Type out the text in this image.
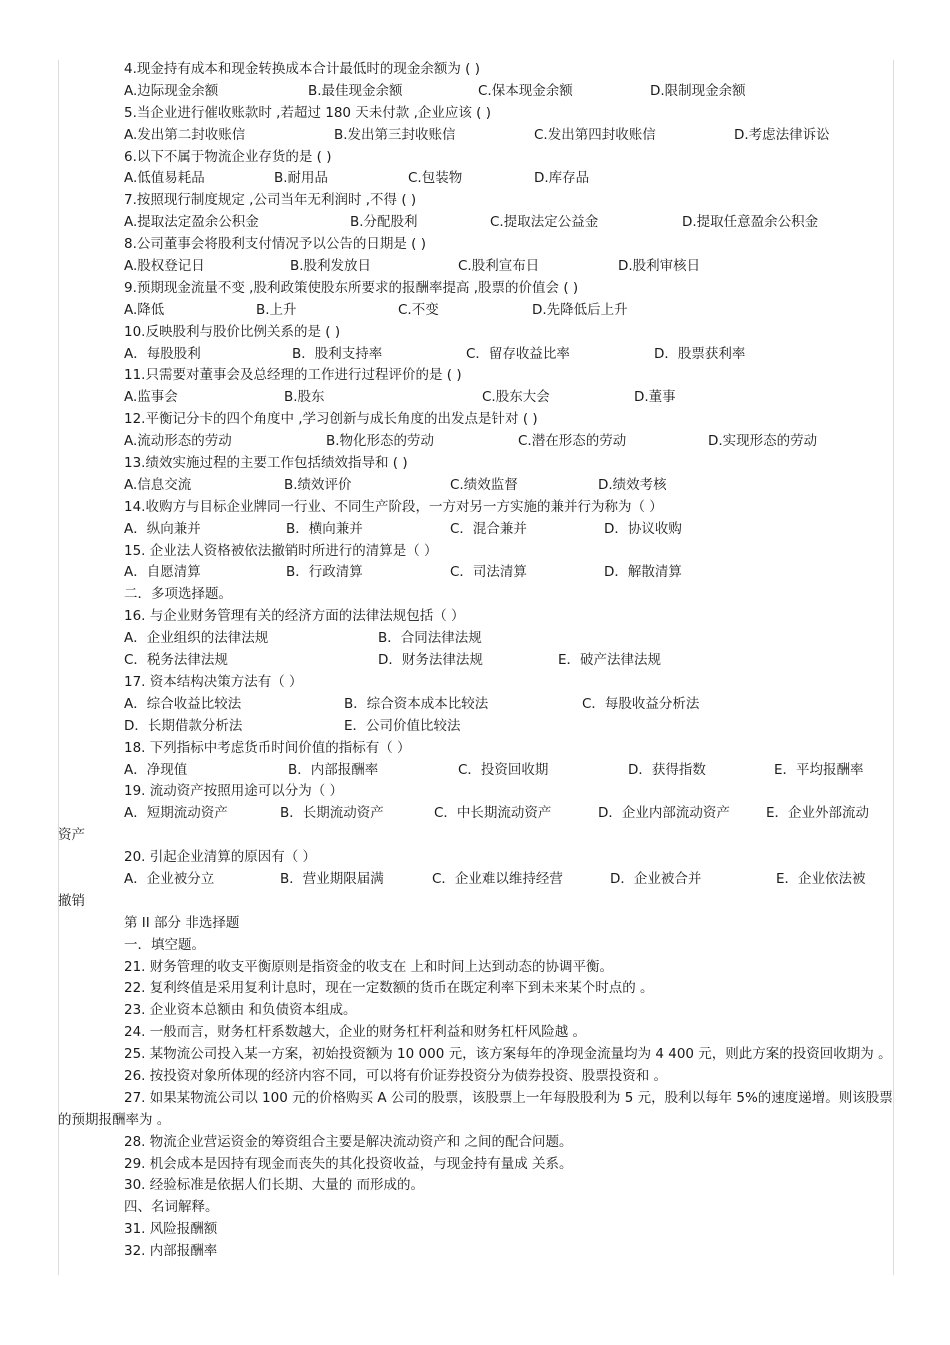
4.现金持有成本和现金转换成本合计最低时的现金余额为 ( )
A.边际现金余额	B.最佳现金余额	C.保本现金余额	D.限制现金余额
5.当企业进行催收账款时 ,若超过 180 天未付款 ,企业应该 ( )
A.发出第二封收账信	B.发出第三封收账信	C.发出第四封收账信	D.考虑法律诉讼
6.以下不属于物流企业存货的是 ( )
A.低值易耗品	B.耐用品	C.包装物	D.库存品
7.按照现行制度规定 ,公司当年无利润时 ,不得 ( )
A.提取法定盈余公积金	B.分配股利	C.提取法定公益金	D.提取任意盈余公积金
8.公司董事会将股利支付情况予以公告的日期是 ( )
A.股权登记日	B.股利发放日	C.股利宣布日	D.股利审核日
9.预期现金流量不变 ,股利政策使股东所要求的报酬率提高 ,股票的价值会 ( )
A.降低	B.上升	C.不变	D.先降低后上升
10.反映股利与股价比例关系的是 ( )
A．每股股利	B．股利支持率	C．留存收益比率	D．股票获利率
11.只需要对董事会及总经理的工作进行过程评价的是 ( )
A.监事会	B.股东	C.股东大会	D.董事
12.平衡记分卡的四个角度中 ,学习创新与成长角度的出发点是针对 ( )
A.流动形态的劳动	B.物化形态的劳动	C.潜在形态的劳动	D.实现形态的劳动
13.绩效实施过程的主要工作包括绩效指导和 ( )
A.信息交流	B.绩效评价	C.绩效监督	D.绩效考核
14.收购方与目标企业牌同一行业、不同生产阶段，一方对另一方实施的兼并行为称为（ ）
A．纵向兼并	B．横向兼并	C．混合兼并	D．协议收购
15. 企业法人资格被依法撤销时所进行的清算是（ ）
A．自愿清算	B．行政清算	C．司法清算	D．解散清算
二．多项选择题。
16. 与企业财务管理有关的经济方面的法律法规包括（ ）
A．企业组织的法律法规	B．合同法律法规
C．税务法律法规	D．财务法律法规	E．破产法律法规
17. 资本结构决策方法有（ ）
A．综合收益比较法	B．综合资本成本比较法	C．每股收益分析法
D．长期借款分析法	E．公司价值比较法
18. 下列指标中考虑货币时间价值的指标有（ ）
A．净现值	B．内部报酬率	C．投资回收期	D．获得指数	E．平均报酬率
19. 流动资产按照用途可以分为（ ）
A．短期流动资产	B．长期流动资产	C．中长期流动资产	D．企业内部流动资产	E．企业外部流动
资产
20. 引起企业清算的原因有（ ）
A．企业被分立	B．营业期限届满	C．企业难以维持经营	D．企业被合并	E．企业依法被
撤销
第 II 部分 非选择题
一．填空题。
21. 财务管理的收支平衡原则是指资金的收支在 上和时间上达到动态的协调平衡。
22. 复利终值是采用复利计息时，现在一定数额的货币在既定利率下到未来某个时点的 。
23. 企业资本总额由 和负债资本组成。
24. 一般而言，财务杠杆系数越大，企业的财务杠杆利益和财务杠杆风险越 。
25. 某物流公司投入某一方案，初始投资额为 10 000 元，该方案每年的净现金流量均为 4 400 元，则此方案的投资回收期为 。
26. 按投资对象所体现的经济内容不同，可以将有价证券投资分为债券投资、股票投资和 。
27. 如果某物流公司以 100 元的价格购买 A 公司的股票，该股票上一年每股股利为 5 元，股利以每年 5%的速度递增。则该股票的预期报酬率为 。
28. 物流企业营运资金的筹资组合主要是解决流动资产和 之间的配合问题。
29. 机会成本是因持有现金而丧失的其化投资收益，与现金持有量成 关系。
30. 经验标准是依据人们长期、大量的 而形成的。
四、名词解释。
31. 风险报酬额
32. 内部报酬率
